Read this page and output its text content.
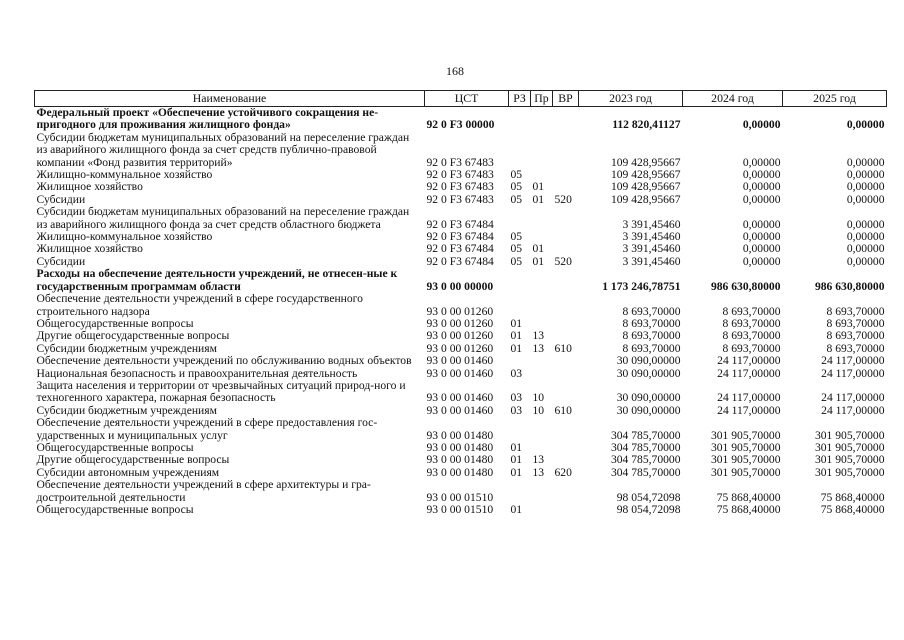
168
Наименование	ЦСТ	РЗ	Пр	ВР	2023 год	2024 год	2025 год
Федеральный проект «Обеспечение устойчивого сокращения не-пригодного для проживания жилищного фонда»	92 0 F3 00000				112 820,41127	0,00000	0,00000
Субсидии бюджетам муниципальных образований на переселение граждан из аварийного жилищного фонда за счет средств публично-правовой компании «Фонд развития территорий»	92 0 F3 67483				109 428,95667	0,00000	0,00000
Жилищно-коммунальное хозяйство	92 0 F3 67483	05			109 428,95667	0,00000	0,00000
Жилищное хозяйство	92 0 F3 67483	05	01		109 428,95667	0,00000	0,00000
Субсидии	92 0 F3 67483	05	01	520	109 428,95667	0,00000	0,00000
Субсидии бюджетам муниципальных образований на переселение граждан из аварийного жилищного фонда за счет средств областного бюджета	92 0 F3 67484				3 391,45460	0,00000	0,00000
Жилищно-коммунальное хозяйство	92 0 F3 67484	05			3 391,45460	0,00000	0,00000
Жилищное хозяйство	92 0 F3 67484	05	01		3 391,45460	0,00000	0,00000
Субсидии	92 0 F3 67484	05	01	520	3 391,45460	0,00000	0,00000
Расходы на обеспечение деятельности учреждений, не отнесен-ные к государственным программам области	93 0 00 00000				1 173 246,78751	986 630,80000	986 630,80000
Обеспечение деятельности учреждений в сфере государственного строительного надзора	93 0 00 01260				8 693,70000	8 693,70000	8 693,70000
Общегосударственные вопросы	93 0 00 01260	01			8 693,70000	8 693,70000	8 693,70000
Другие общегосударственные вопросы	93 0 00 01260	01	13		8 693,70000	8 693,70000	8 693,70000
Субсидии бюджетным учреждениям	93 0 00 01260	01	13	610	8 693,70000	8 693,70000	8 693,70000
Обеспечение деятельности учреждений по обслуживанию водных объектов	93 0 00 01460				30 090,00000	24 117,00000	24 117,00000
Национальная безопасность и правоохранительная деятельность	93 0 00 01460	03			30 090,00000	24 117,00000	24 117,00000
Защита населения и территории от чрезвычайных ситуаций природ-ного и техногенного характера, пожарная безопасность	93 0 00 01460	03	10		30 090,00000	24 117,00000	24 117,00000
Субсидии бюджетным учреждениям	93 0 00 01460	03	10	610	30 090,00000	24 117,00000	24 117,00000
Обеспечение деятельности учреждений в сфере предоставления гос-ударственных и муниципальных услуг	93 0 00 01480				304 785,70000	301 905,70000	301 905,70000
Общегосударственные вопросы	93 0 00 01480	01			304 785,70000	301 905,70000	301 905,70000
Другие общегосударственные вопросы	93 0 00 01480	01	13		304 785,70000	301 905,70000	301 905,70000
Субсидии автономным учреждениям	93 0 00 01480	01	13	620	304 785,70000	301 905,70000	301 905,70000
Обеспечение деятельности учреждений в сфере архитектуры и гра-достроительной деятельности	93 0 00 01510				98 054,72098	75 868,40000	75 868,40000
Общегосударственные вопросы	93 0 00 01510	01			98 054,72098	75 868,40000	75 868,40000
